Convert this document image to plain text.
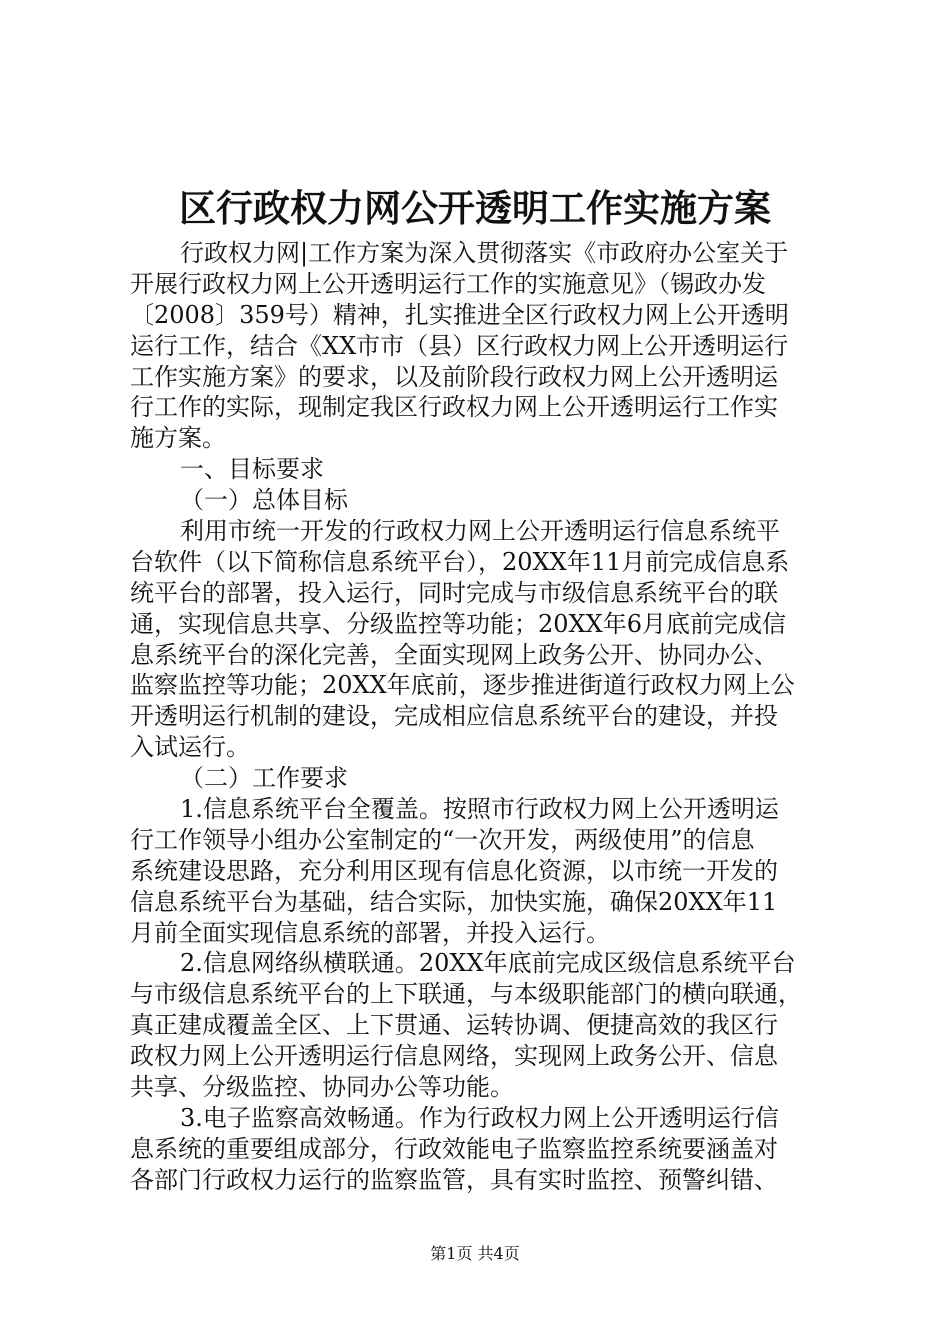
区行政权力网公开透明工作实施方案
行政权力网|工作方案为深入贯彻落实《市政府办公室关于
开展行政权力网上公开透明运行工作的实施意见》（锡政办发
〔2008〕359号）精神，扎实推进全区行政权力网上公开透明
运行工作，结合《XX市市（县）区行政权力网上公开透明运行
工作实施方案》的要求，以及前阶段行政权力网上公开透明运
行工作的实际，现制定我区行政权力网上公开透明运行工作实
施方案。
一、目标要求
（一）总体目标
利用市统一开发的行政权力网上公开透明运行信息系统平
台软件（以下简称信息系统平台），20XX年11月前完成信息系
统平台的部署，投入运行，同时完成与市级信息系统平台的联
通，实现信息共享、分级监控等功能；20XX年6月底前完成信
息系统平台的深化完善，全面实现网上政务公开、协同办公、
监察监控等功能；20XX年底前，逐步推进街道行政权力网上公
开透明运行机制的建设，完成相应信息系统平台的建设，并投
入试运行。
（二）工作要求
1.信息系统平台全覆盖。按照市行政权力网上公开透明运
行工作领导小组办公室制定的“一次开发，两级使用”的信息
系统建设思路，充分利用区现有信息化资源，以市统一开发的
信息系统平台为基础，结合实际，加快实施，确保20XX年11
月前全面实现信息系统的部署，并投入运行。
2.信息网络纵横联通。20XX年底前完成区级信息系统平台
与市级信息系统平台的上下联通，与本级职能部门的横向联通，
真正建成覆盖全区、上下贯通、运转协调、便捷高效的我区行
政权力网上公开透明运行信息网络，实现网上政务公开、信息
共享、分级监控、协同办公等功能。
3.电子监察高效畅通。作为行政权力网上公开透明运行信
息系统的重要组成部分，行政效能电子监察监控系统要涵盖对
各部门行政权力运行的监察监管，具有实时监控、预警纠错、
第1页 共4页
